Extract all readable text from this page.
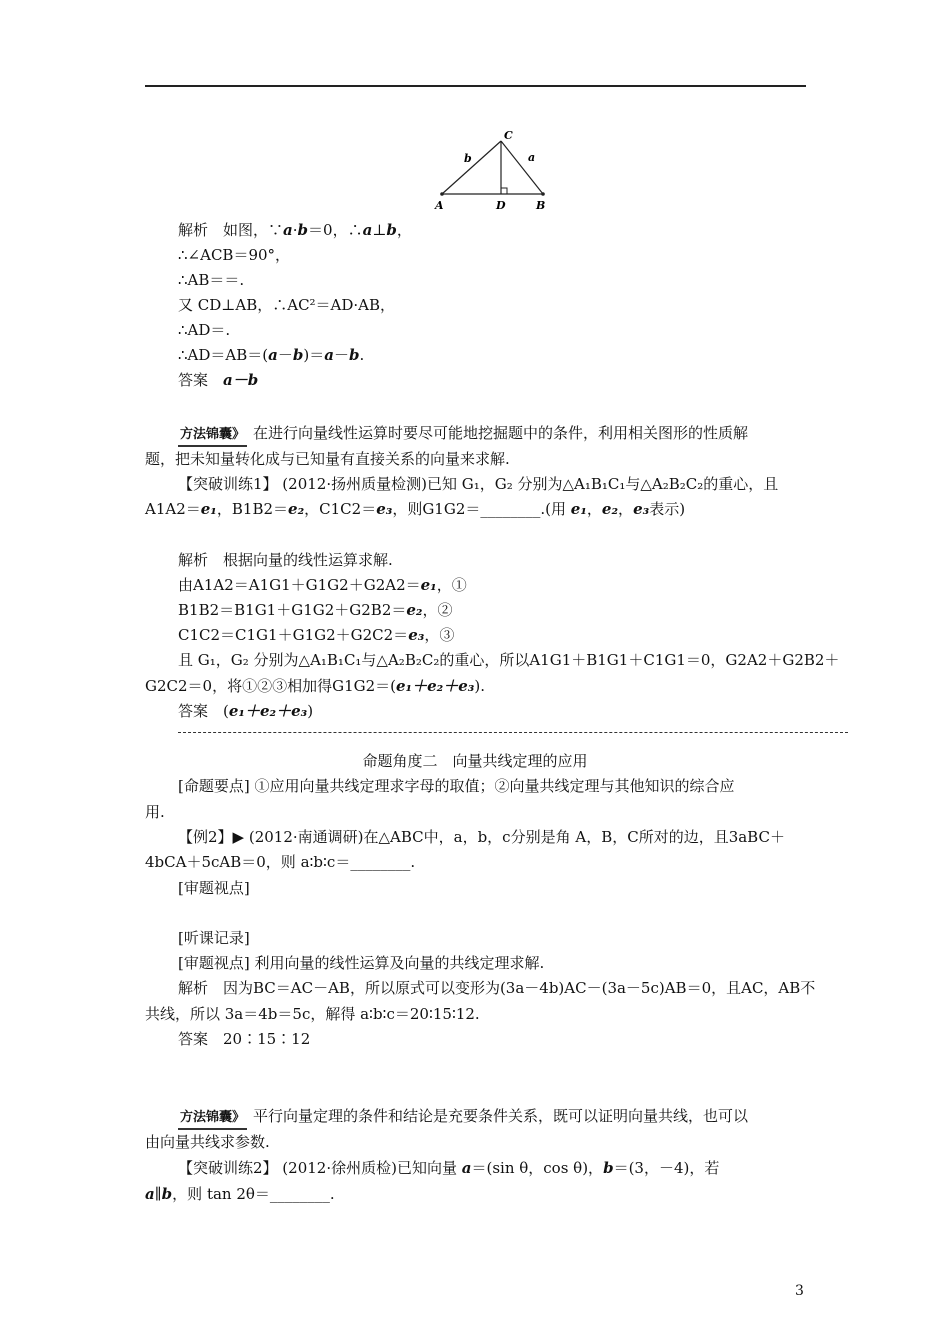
C
b	a
A	D	B
解析　如图，∵a·b＝0，∴a⊥b，
∴∠ACB＝90°，
∴AB＝＝.
又 CD⊥AB，∴AC²＝AD·AB，
∴AD＝.
∴AD＝AB＝(a－b)＝a－b.
答案　a－b
方法锦囊》 在进行向量线性运算时要尽可能地挖掘题中的条件，利用相关图形的性质解
题，把未知量转化成与已知量有直接关系的向量来求解.
【突破训练1】 (2012·扬州质量检测)已知 G₁，G₂ 分别为△A₁B₁C₁与△A₂B₂C₂的重心，且
A1A2＝e₁，B1B2＝e₂，C1C2＝e₃，则G1G2＝________.(用 e₁，e₂，e₃表示)
解析　根据向量的线性运算求解.
由A1A2＝A1G1＋G1G2＋G2A2＝e₁，①
B1B2＝B1G1＋G1G2＋G2B2＝e₂，②
C1C2＝C1G1＋G1G2＋G2C2＝e₃，③
且 G₁，G₂ 分别为△A₁B₁C₁与△A₂B₂C₂的重心，所以A1G1＋B1G1＋C1G1＝0，G2A2＋G2B2＋
G2C2＝0，将①②③相加得G1G2＝(e₁＋e₂＋e₃).
答案　(e₁＋e₂＋e₃)
命题角度二　向量共线定理的应用
[命题要点] ①应用向量共线定理求字母的取值；②向量共线定理与其他知识的综合应
用.
【例2】▶ (2012·南通调研)在△ABC中，a，b，c分别是角 A，B，C所对的边，且3aBC＋
4bCA＋5cAB＝0，则 a∶b∶c＝________.
[审题视点]
[听课记录]
[审题视点] 利用向量的线性运算及向量的共线定理求解.
解析　因为BC＝AC－AB，所以原式可以变形为(3a－4b)AC－(3a－5c)AB＝0，且AC，AB不
共线，所以 3a＝4b＝5c，解得 a∶b∶c＝20∶15∶12.
答案　20∶15∶12
方法锦囊》 平行向量定理的条件和结论是充要条件关系，既可以证明向量共线，也可以
由向量共线求参数.
【突破训练2】 (2012·徐州质检)已知向量 a＝(sin θ，cos θ)，b＝(3，－4)，若
a∥b，则 tan 2θ＝________.
3
